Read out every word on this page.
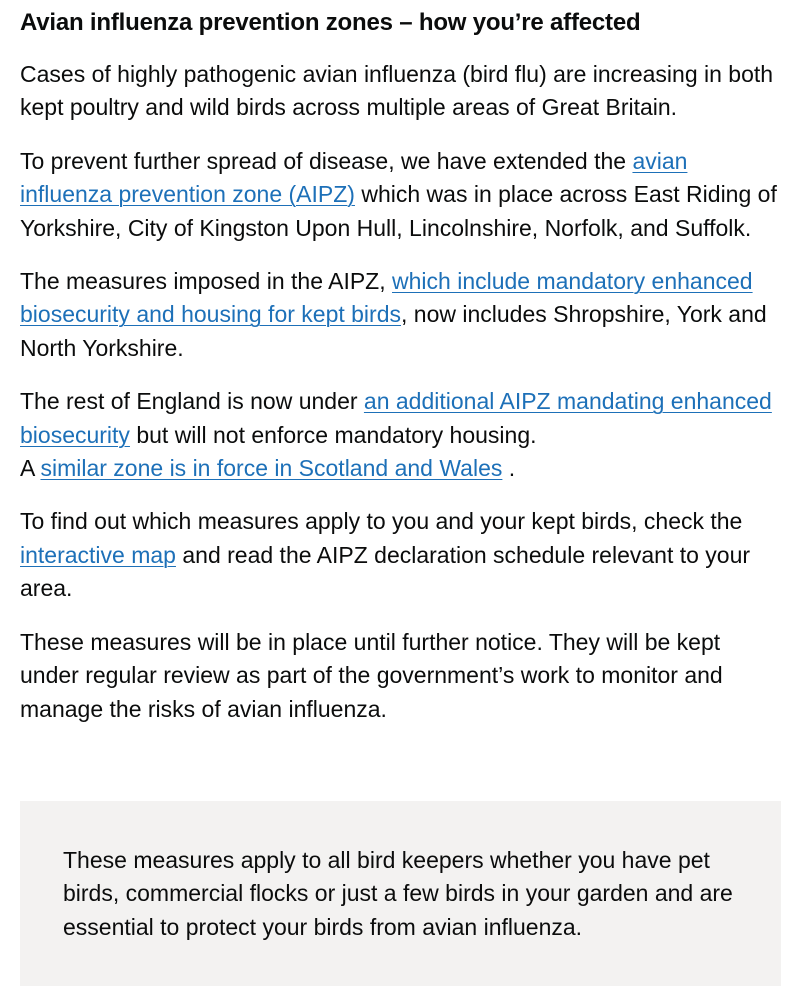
Avian influenza prevention zones – how you’re affected

Cases of highly pathogenic avian influenza (bird flu) are increasing in both kept poultry and wild birds across multiple areas of Great Britain.

To prevent further spread of disease, we have extended the avian influenza prevention zone (AIPZ) which was in place across East Riding of Yorkshire, City of Kingston Upon Hull, Lincolnshire, Norfolk, and Suffolk.

The measures imposed in the AIPZ, which include mandatory enhanced biosecurity and housing for kept birds, now includes Shropshire, York and North Yorkshire.

The rest of England is now under an additional AIPZ mandating enhanced biosecurity but will not enforce mandatory housing.
A similar zone is in force in Scotland and Wales .

To find out which measures apply to you and your kept birds, check the interactive map and read the AIPZ declaration schedule relevant to your area.

These measures will be in place until further notice. They will be kept under regular review as part of the government’s work to monitor and manage the risks of avian influenza.

These measures apply to all bird keepers whether you have pet birds, commercial flocks or just a few birds in your garden and are essential to protect your birds from avian influenza.
